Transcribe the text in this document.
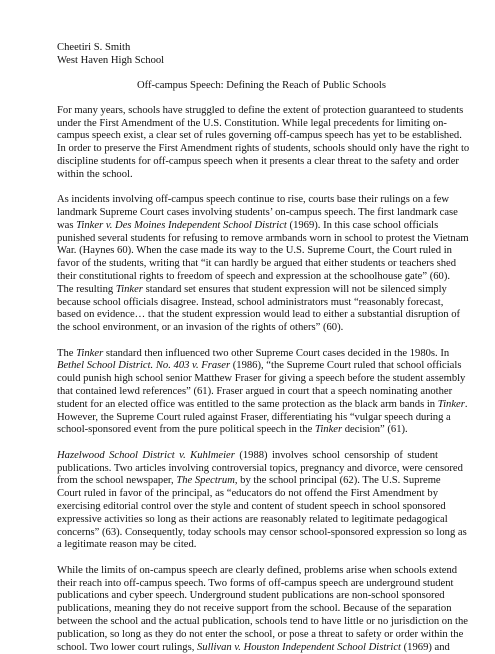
Cheetiri S. Smith
West Haven High School
Off-campus Speech: Defining the Reach of Public Schools
For many years, schools have struggled to define the extent of protection guaranteed to students
under the First Amendment of the U.S. Constitution. While legal precedents for limiting on-
campus speech exist, a clear set of rules governing off-campus speech has yet to be established.
In order to preserve the First Amendment rights of students, schools should only have the right to
discipline students for off-campus speech when it presents a clear threat to the safety and order
within the school.
As incidents involving off-campus speech continue to rise, courts base their rulings on a few
landmark Supreme Court cases involving students’ on-campus speech. The first landmark case
was Tinker v. Des Moines Independent School District (1969). In this case school officials
punished several students for refusing to remove armbands worn in school to protest the Vietnam
War. (Haynes 60). When the case made its way to the U.S. Supreme Court, the Court ruled in
favor of the students, writing that “it can hardly be argued that either students or teachers shed
their constitutional rights to freedom of speech and expression at the schoolhouse gate” (60).
The resulting Tinker standard set ensures that student expression will not be silenced simply
because school officials disagree. Instead, school administrators must “reasonably forecast,
based on evidence… that the student expression would lead to either a substantial disruption of
the school environment, or an invasion of the rights of others” (60).
The Tinker standard then influenced two other Supreme Court cases decided in the 1980s. In
Bethel School District. No. 403 v. Fraser (1986), “the Supreme Court ruled that school officials
could punish high school senior Matthew Fraser for giving a speech before the student assembly
that contained lewd references” (61). Fraser argued in court that a speech nominating another
student for an elected office was entitled to the same protection as the black arm bands in Tinker.
However, the Supreme Court ruled against Fraser, differentiating his “vulgar speech during a
school-sponsored event from the pure political speech in the Tinker decision” (61).
Hazelwood School District v. Kuhlmeier (1988) involves school censorship of student
publications. Two articles involving controversial topics, pregnancy and divorce, were censored
from the school newspaper, The Spectrum, by the school principal (62). The U.S. Supreme
Court ruled in favor of the principal, as “educators do not offend the First Amendment by
exercising editorial control over the style and content of student speech in school sponsored
expressive activities so long as their actions are reasonably related to legitimate pedagogical
concerns” (63). Consequently, today schools may censor school-sponsored expression so long as
a legitimate reason may be cited.
While the limits of on-campus speech are clearly defined, problems arise when schools extend
their reach into off-campus speech. Two forms of off-campus speech are underground student
publications and cyber speech. Underground student publications are non-school sponsored
publications, meaning they do not receive support from the school. Because of the separation
between the school and the actual publication, schools tend to have little or no jurisdiction on the
publication, so long as they do not enter the school, or pose a threat to safety or order within the
school. Two lower court rulings, Sullivan v. Houston Independent School District (1969) and
